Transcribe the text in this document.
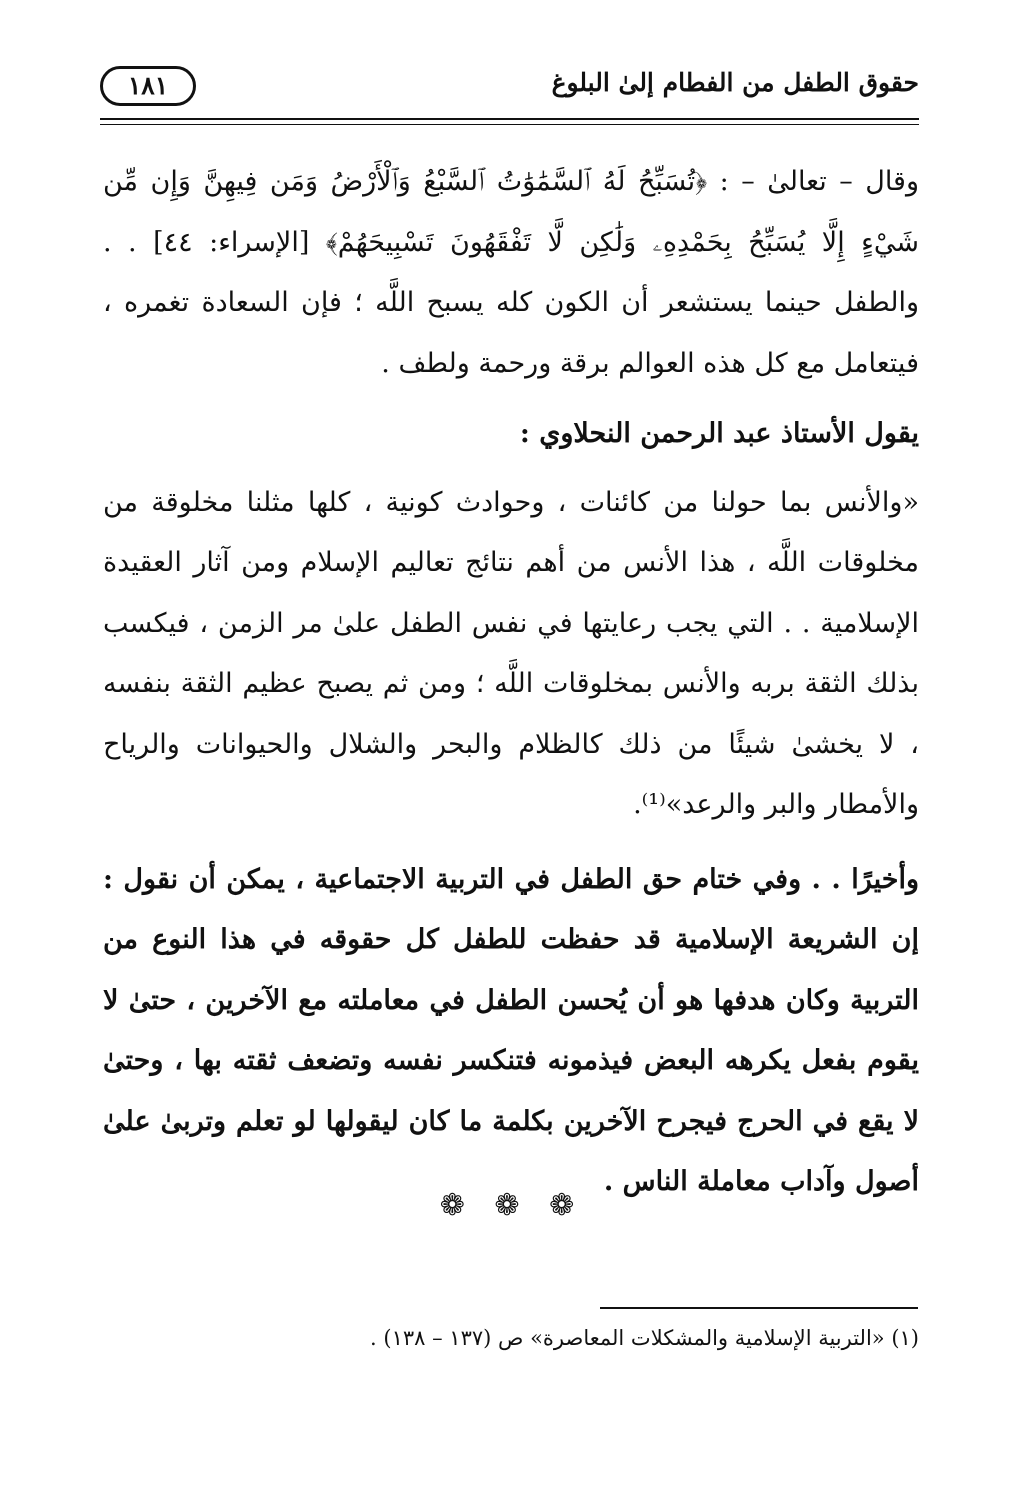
حقوق الطفل من الفطام إلىٰ البلوغ
١٨١

وقال – تعالىٰ – : ﴿تُسَبِّحُ لَهُ ٱلسَّمَٰوَٰتُ ٱلسَّبْعُ وَٱلْأَرْضُ وَمَن فِيهِنَّ وَإِن مِّن شَيْءٍ إِلَّا يُسَبِّحُ بِحَمْدِهِۦ وَلَٰكِن لَّا تَفْقَهُونَ تَسْبِيحَهُمْ﴾ [الإسراء: ٤٤] . . والطفل حينما يستشعر أن الكون كله يسبح اللَّه ؛ فإن السعادة تغمره ، فيتعامل مع كل هذه العوالم برقة ورحمة ولطف .

يقول الأستاذ عبد الرحمن النحلاوي :

«والأنس بما حولنا من كائنات ، وحوادث كونية ، كلها مثلنا مخلوقة من مخلوقات اللَّه ، هذا الأنس من أهم نتائج تعاليم الإسلام ومن آثار العقيدة الإسلامية . . التي يجب رعايتها في نفس الطفل علىٰ مر الزمن ، فيكسب بذلك الثقة بربه والأنس بمخلوقات اللَّه ؛ ومن ثم يصبح عظيم الثقة بنفسه ، لا يخشىٰ شيئًا من ذلك كالظلام والبحر والشلال والحيوانات والرياح والأمطار والبر والرعد»⁽¹⁾.

وأخيرًا . . وفي ختام حق الطفل في التربية الاجتماعية ، يمكن أن نقول : إن الشريعة الإسلامية قد حفظت للطفل كل حقوقه في هذا النوع من التربية وكان هدفها هو أن يُحسن الطفل في معاملته مع الآخرين ، حتىٰ لا يقوم بفعل يكرهه البعض فيذمونه فتنكسر نفسه وتضعف ثقته بها ، وحتىٰ لا يقع في الحرج فيجرح الآخرين بكلمة ما كان ليقولها لو تعلم وتربىٰ علىٰ أصول وآداب معاملة الناس .

❁ ❁ ❁
(١) «التربية الإسلامية والمشكلات المعاصرة» ص (١٣٧ – ١٣٨) .
